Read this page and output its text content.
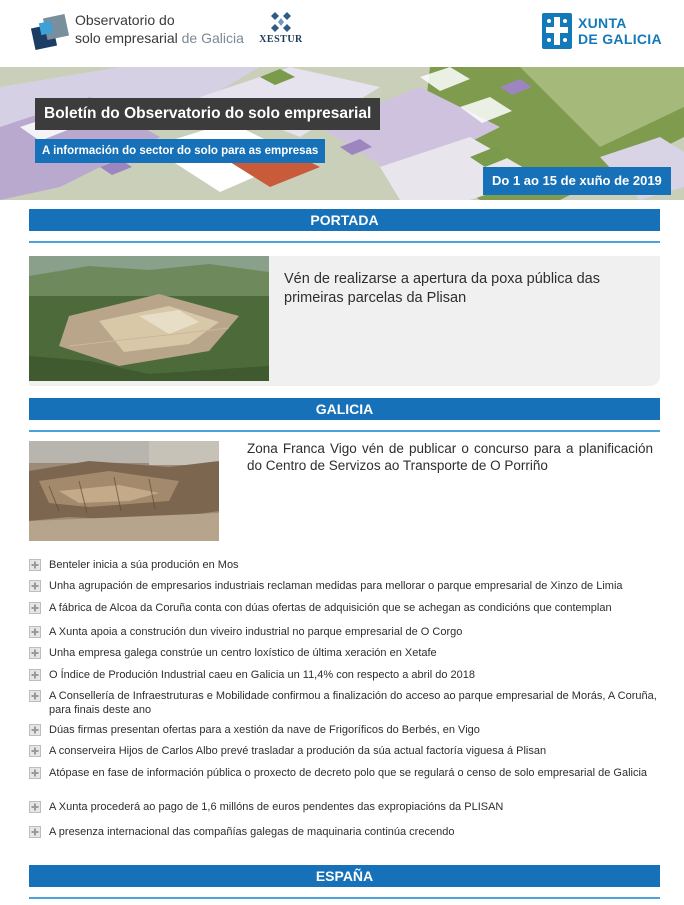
Observatorio do
solo empresarial de Galicia XESTUR
XUNTA
DE GALICIA
Boletín do Observatorio do solo empresarial
A información do sector do solo para as empresas
Do 1 ao 15 de xuño de 2019
PORTADA
Vén de realizarse a apertura da poxa pública das primeiras parcelas da Plisan
GALICIA
Zona Franca Vigo vén de publicar o concurso para a planificación do Centro de Servizos ao Transporte de O Porriño
Benteler inicia a súa produción en Mos
Unha agrupación de empresarios industriais reclaman medidas para mellorar o parque empresarial de Xinzo de Limia
A fábrica de Alcoa da Coruña conta con dúas ofertas de adquisición que se achegan as condicións que contemplan
A Xunta apoia a construción dun viveiro industrial no parque empresarial de O Corgo
Unha empresa galega constrúe un centro loxístico de última xeración en Xetafe
O Índice de Produción Industrial caeu en Galicia un 11,4% con respecto a abril do 2018
A Consellería de Infraestruturas e Mobilidade confirmou a finalización do acceso ao parque empresarial de Morás, A Coruña, para finais deste ano
Dúas firmas presentan ofertas para a xestión da nave de Frigoríficos do Berbés, en Vigo
A conserveira Hijos de Carlos Albo prevé trasladar a produción da súa actual factoría viguesa á Plisan
Atópase en fase de información pública o proxecto de decreto polo que se regulará o censo de solo empresarial de Galicia
A Xunta procederá ao pago de 1,6 millóns de euros pendentes das expropiacións da PLISAN
A presenza internacional das compañías galegas de maquinaria continúa crecendo
ESPAÑA
